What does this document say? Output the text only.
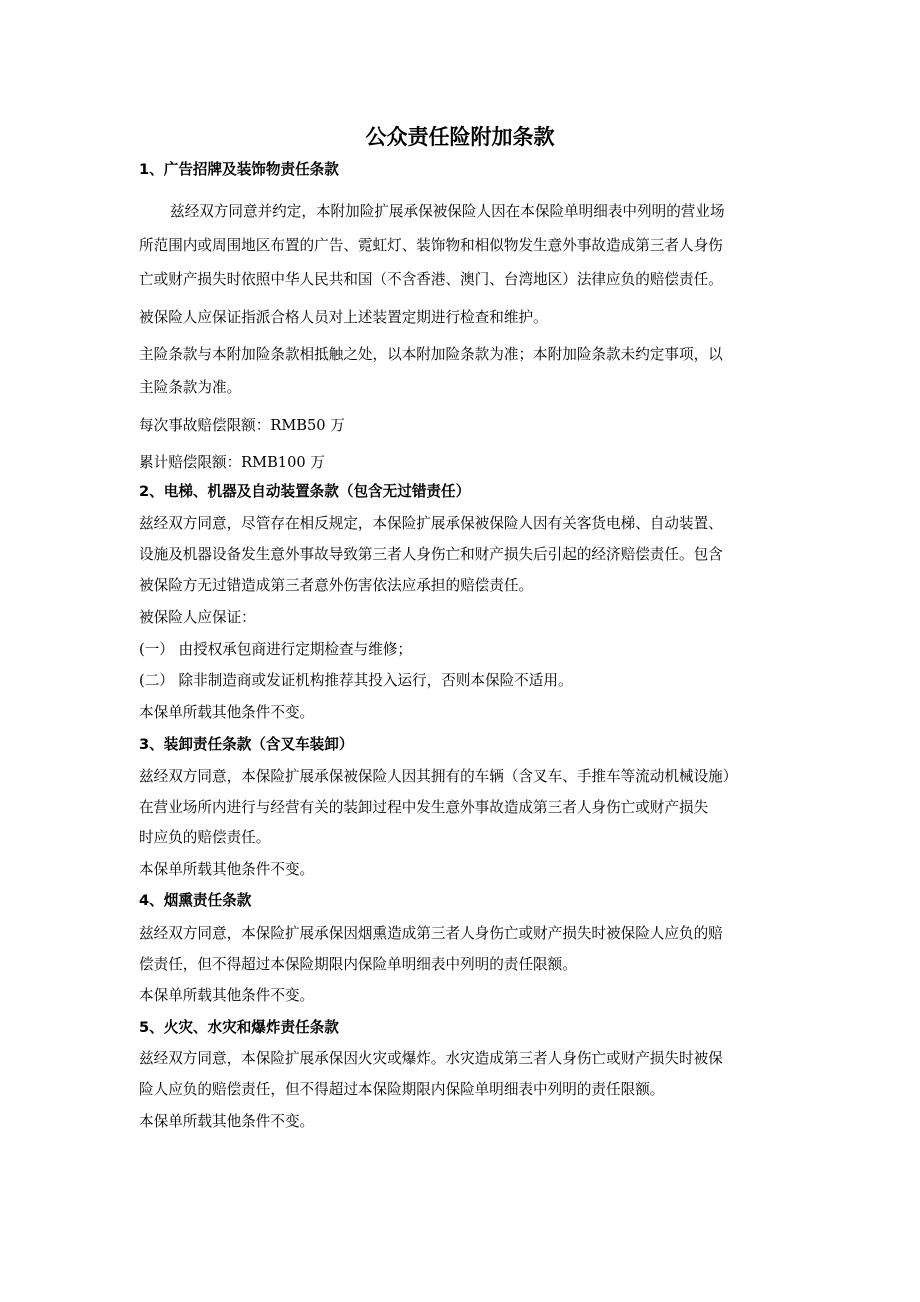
公众责任险附加条款
1、广告招牌及装饰物责任条款
兹经双方同意并约定，本附加险扩展承保被保险人因在本保险单明细表中列明的营业场
所范围内或周围地区布置的广告、霓虹灯、装饰物和相似物发生意外事故造成第三者人身伤
亡或财产损失时依照中华人民共和国（不含香港、澳门、台湾地区）法律应负的赔偿责任。
被保险人应保证指派合格人员对上述装置定期进行检查和维护。
主险条款与本附加险条款相抵触之处，以本附加险条款为准；本附加险条款未约定事项，以
主险条款为准。
每次事故赔偿限额：RMB50 万
累计赔偿限额：RMB100 万
2、电梯、机器及自动装置条款（包含无过错责任）
兹经双方同意，尽管存在相反规定，本保险扩展承保被保险人因有关客货电梯、自动装置、
设施及机器设备发生意外事故导致第三者人身伤亡和财产损失后引起的经济赔偿责任。包含
被保险方无过错造成第三者意外伤害依法应承担的赔偿责任。
被保险人应保证：
(一） 由授权承包商进行定期检查与维修；
(二） 除非制造商或发证机构推荐其投入运行，否则本保险不适用。
本保单所载其他条件不变。
3、装卸责任条款（含叉车装卸）
兹经双方同意，本保险扩展承保被保险人因其拥有的车辆（含叉车、手推车等流动机械设施）
在营业场所内进行与经营有关的装卸过程中发生意外事故造成第三者人身伤亡或财产损失
时应负的赔偿责任。
本保单所载其他条件不变。
4、烟熏责任条款
兹经双方同意，本保险扩展承保因烟熏造成第三者人身伤亡或财产损失时被保险人应负的赔
偿责任，但不得超过本保险期限内保险单明细表中列明的责任限额。
本保单所载其他条件不变。
5、火灾、水灾和爆炸责任条款
兹经双方同意，本保险扩展承保因火灾或爆炸。水灾造成第三者人身伤亡或财产损失时被保
险人应负的赔偿责任，但不得超过本保险期限内保险单明细表中列明的责任限额。
本保单所载其他条件不变。
